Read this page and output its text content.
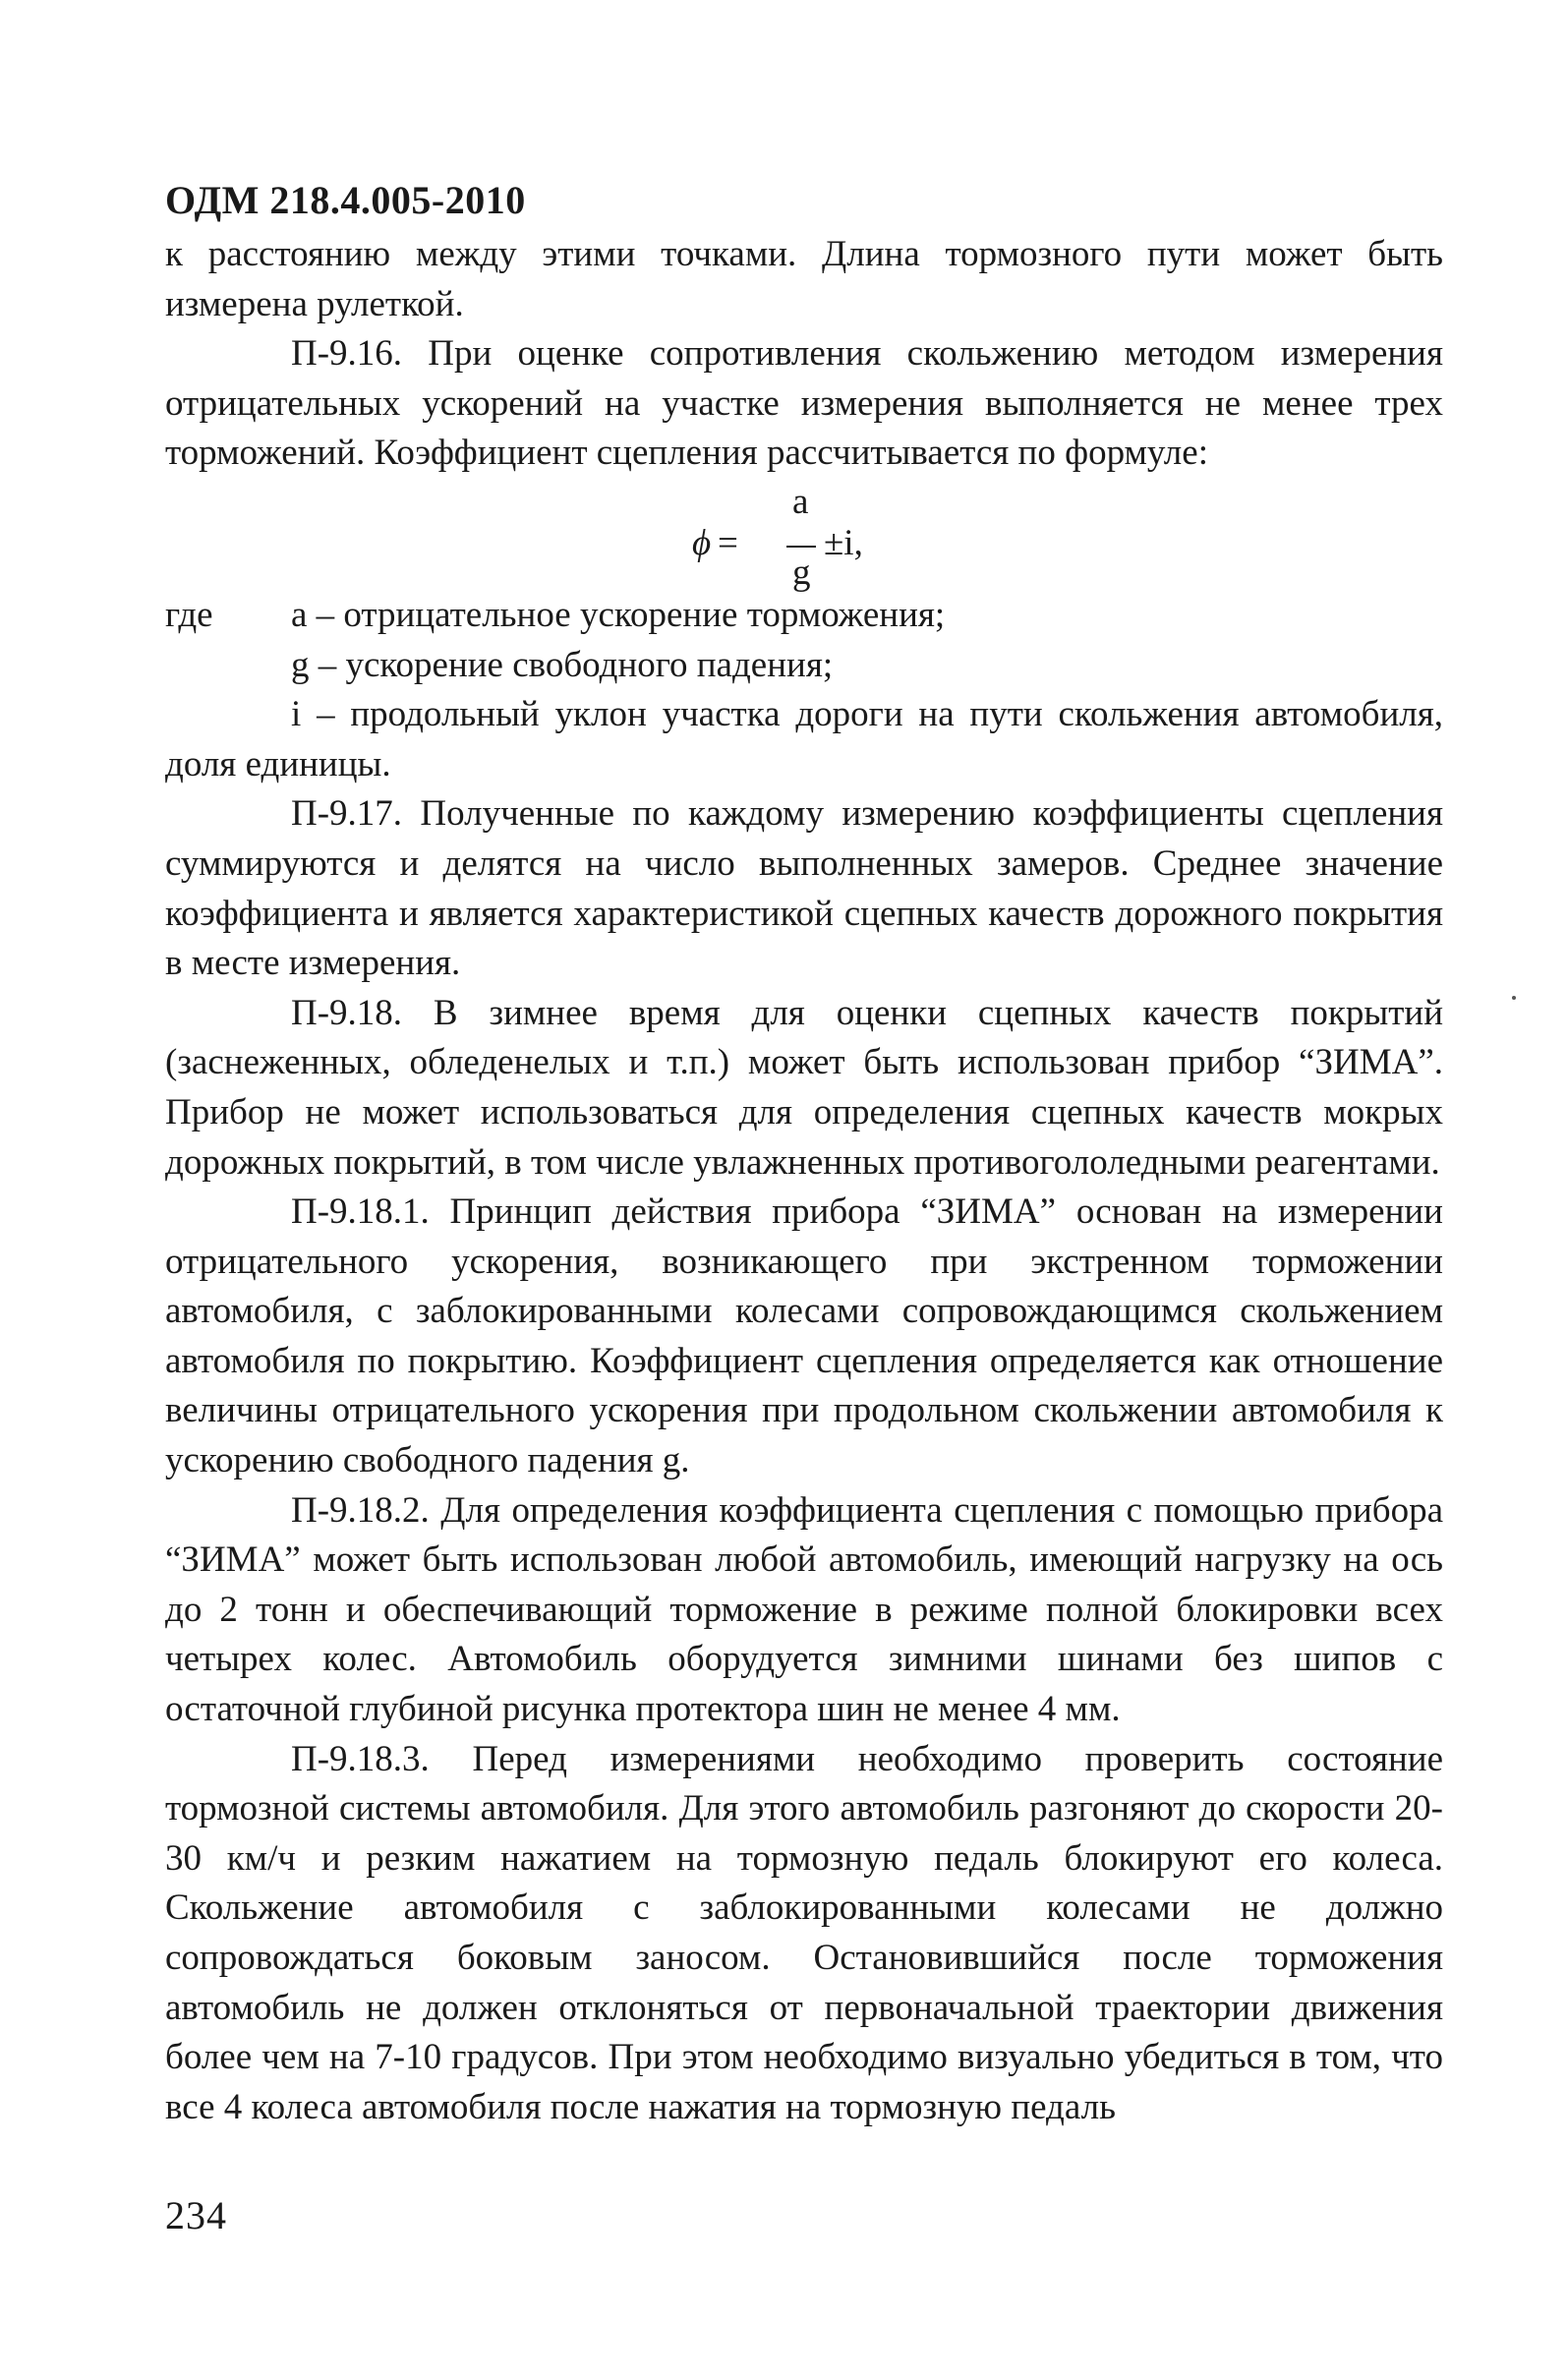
ОДМ 218.4.005-2010

к расстоянию между этими точками. Длина тормозного пути может быть измерена рулеткой.

П-9.16. При оценке сопротивления скольжению методом измерения отрицательных ускорений на участке измерения выполняется не менее трех торможений. Коэффициент сцепления рассчитывается по формуле:

ϕ =
a
g
±i,
где	a – отрицательное ускорение торможения;
g – ускорение свободного падения;
i – продольный уклон участка дороги на пути скольжения автомобиля, доля единицы.

П-9.17. Полученные по каждому измерению коэффициенты сцепления суммируются и делятся на число выполненных замеров. Среднее значение коэффициента и является характеристикой сцепных качеств дорожного покрытия в месте измерения.

П-9.18. В зимнее время для оценки сцепных качеств покрытий (заснеженных, обледенелых и т.п.) может быть использован прибор “ЗИМА”. Прибор не может использоваться для определения сцепных качеств мокрых дорожных покрытий, в том числе увлажненных противогололедными реагентами.

П-9.18.1. Принцип действия прибора “ЗИМА” основан на измерении отрицательного ускорения, возникающего при экстренном торможении автомобиля, с заблокированными колесами сопровождающимся скольжением автомобиля по покрытию. Коэффициент сцепления определяется как отношение величины отрицательного ускорения при продольном скольжении автомобиля к ускорению свободного падения g.

П-9.18.2. Для определения коэффициента сцепления с помощью прибора “ЗИМА” может быть использован любой автомобиль, имеющий нагрузку на ось до 2 тонн и обеспечивающий торможение в режиме полной блокировки всех четырех колес. Автомобиль оборудуется зимними шинами без шипов с остаточной глубиной рисунка протектора шин не менее 4 мм.

П-9.18.3. Перед измерениями необходимо проверить состояние тормозной системы автомобиля. Для этого автомобиль разгоняют до скорости 20- 30 км/ч и резким нажатием на тормозную педаль блокируют его колеса. Скольжение автомобиля с заблокированными колесами не должно сопровождаться боковым заносом. Остановившийся после торможения автомобиль не должен отклоняться от первоначальной траектории движения более чем на 7-10 градусов. При этом необходимо визуально убедиться в том, что все 4 колеса автомобиля после нажатия на тормозную педаль

234
